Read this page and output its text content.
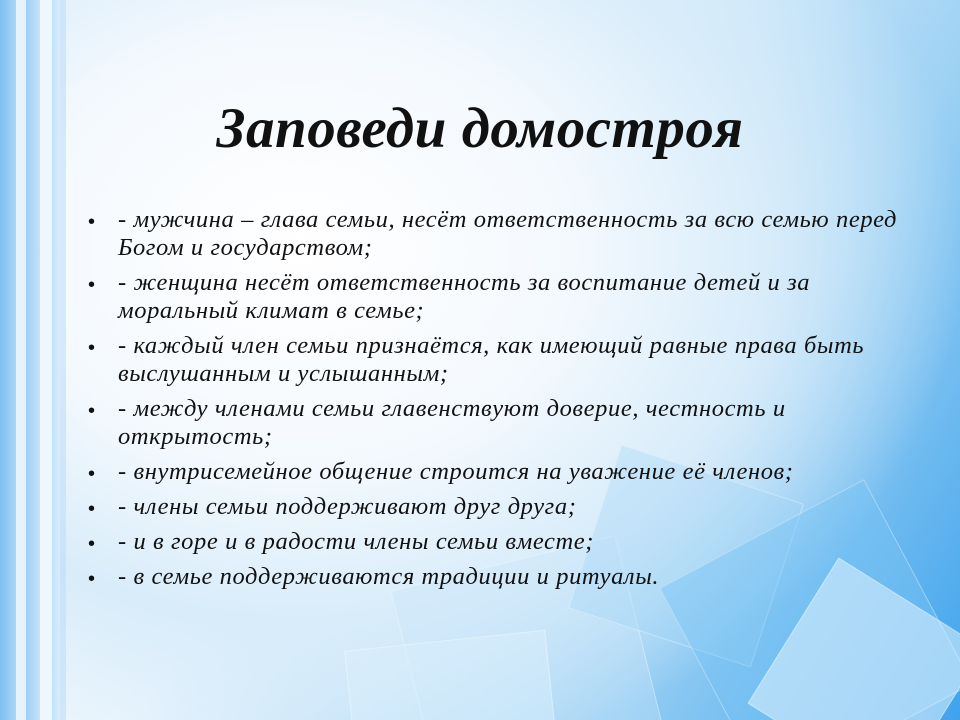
Заповеди домостроя
• - мужчина – глава семьи, несёт ответственность за всю семью перед Богом и государством;
• - женщина несёт ответственность за воспитание детей и за моральный климат в семье;
• - каждый член семьи признаётся, как имеющий равные права быть выслушанным и услышанным;
• - между членами семьи главенствуют доверие, честность и открытость;
• - внутрисемейное общение строится на уважение её членов;
• - члены семьи поддерживают друг друга;
• - и в горе и в радости члены семьи вместе;
• - в семье поддерживаются традиции и ритуалы.
